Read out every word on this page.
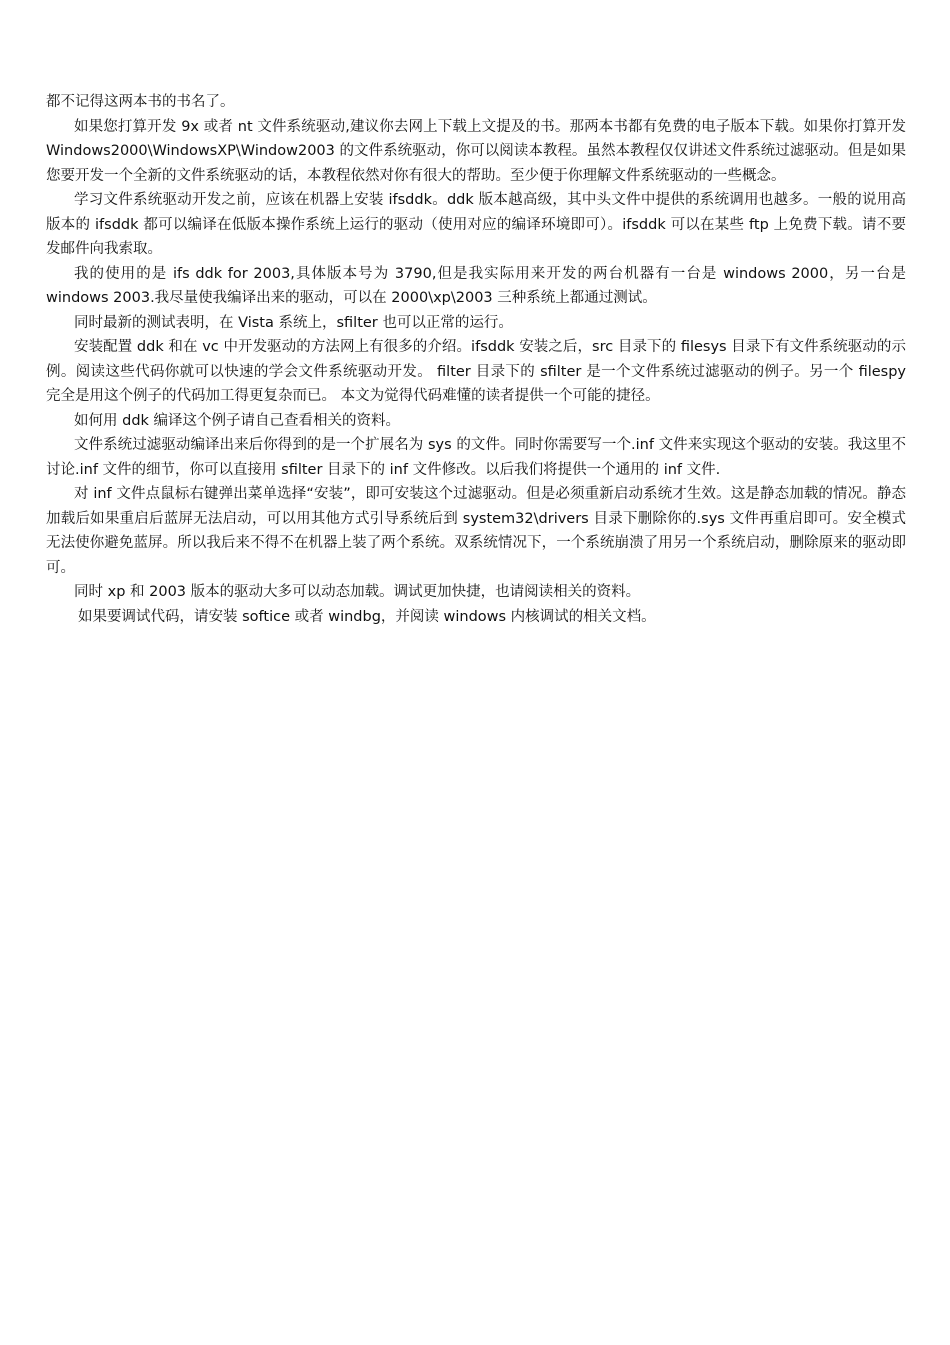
都不记得这两本书的书名了。

如果您打算开发 9x 或者 nt 文件系统驱动,建议你去网上下载上文提及的书。那两本书都有免费的电子版本下载。如果你打算开发 Windows2000\WindowsXP\Window2003 的文件系统驱动，你可以阅读本教程。虽然本教程仅仅讲述文件系统过滤驱动。但是如果您要开发一个全新的文件系统驱动的话，本教程依然对你有很大的帮助。至少便于你理解文件系统驱动的一些概念。

学习文件系统驱动开发之前，应该在机器上安装 ifsddk。ddk 版本越高级，其中头文件中提供的系统调用也越多。一般的说用高版本的 ifsddk 都可以编译在低版本操作系统上运行的驱动（使用对应的编译环境即可）。ifsddk 可以在某些 ftp 上免费下载。请不要发邮件向我索取。

我的使用的是 ifs ddk for 2003,具体版本号为 3790,但是我实际用来开发的两台机器有一台是 windows 2000，另一台是 windows 2003.我尽量使我编译出来的驱动，可以在 2000\xp\2003 三种系统上都通过测试。

同时最新的测试表明，在 Vista 系统上，sfilter 也可以正常的运行。

安装配置 ddk 和在 vc 中开发驱动的方法网上有很多的介绍。ifsddk 安装之后，src 目录下的 filesys 目录下有文件系统驱动的示例。阅读这些代码你就可以快速的学会文件系统驱动开发。 filter 目录下的 sfilter 是一个文件系统过滤驱动的例子。另一个 filespy 完全是用这个例子的代码加工得更复杂而已。 本文为觉得代码难懂的读者提供一个可能的捷径。

如何用 ddk 编译这个例子请自己查看相关的资料。

文件系统过滤驱动编译出来后你得到的是一个扩展名为 sys 的文件。同时你需要写一个.inf 文件来实现这个驱动的安装。我这里不讨论.inf 文件的细节，你可以直接用 sfilter 目录下的 inf 文件修改。以后我们将提供一个通用的 inf 文件.

对 inf 文件点鼠标右键弹出菜单选择“安装”，即可安装这个过滤驱动。但是必须重新启动系统才生效。这是静态加载的情况。静态加载后如果重启后蓝屏无法启动，可以用其他方式引导系统后到 system32\drivers 目录下删除你的.sys 文件再重启即可。安全模式无法使你避免蓝屏。所以我后来不得不在机器上装了两个系统。双系统情况下，一个系统崩溃了用另一个系统启动，删除原来的驱动即可。

同时 xp 和 2003 版本的驱动大多可以动态加载。调试更加快捷，也请阅读相关的资料。

如果要调试代码，请安装 softice 或者 windbg，并阅读 windows 内核调试的相关文档。
